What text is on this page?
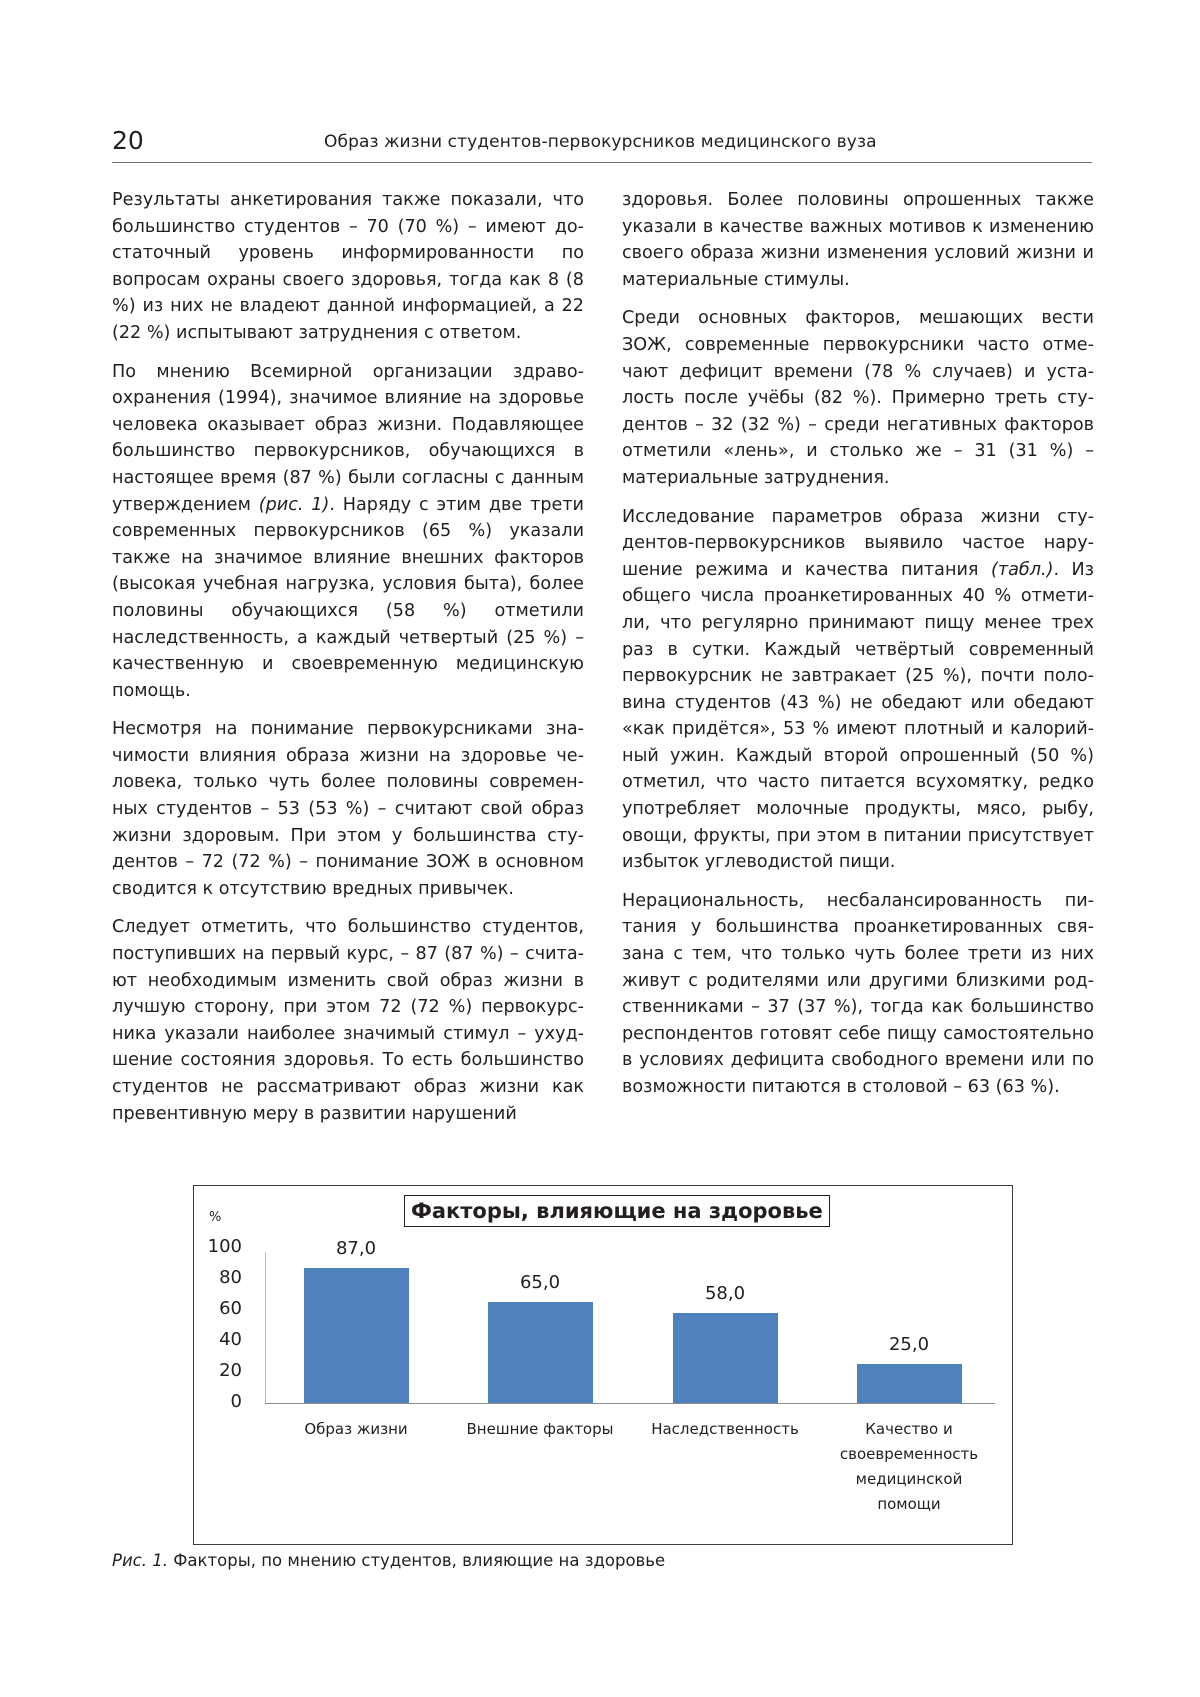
20	Образ жизни студентов-первокурсников медицинского вуза

Результаты анкетирования также показали, что большинство студентов – 70 (70 %) – имеют достаточный уровень информированности по вопросам охраны своего здоровья, тогда как 8 (8 %) из них не владеют данной информацией, а 22 (22 %) испытывают затруднения с ответом.

По мнению Всемирной организации здравоохранения (1994), значимое влияние на здоровье человека оказывает образ жизни. Подавляющее большинство первокурсников, обучающихся в настоящее время (87 %) были согласны с данным утверждением (рис. 1). Наряду с этим две трети современных первокурсников (65 %) указали также на значимое влияние внешних факторов (высокая учебная нагрузка, условия быта), более половины обучающихся (58 %) отметили наследственность, а каждый четвертый (25 %) – качественную и своевременную медицинскую помощь.

Несмотря на понимание первокурсниками значимости влияния образа жизни на здоровье человека, только чуть более половины современных студентов – 53 (53 %) – считают свой образ жизни здоровым. При этом у большинства студентов – 72 (72 %) – понимание ЗОЖ в основном сводится к отсутствию вредных привычек.

Следует отметить, что большинство студентов, поступивших на первый курс, – 87 (87 %) – считают необходимым изменить свой образ жизни в лучшую сторону, при этом 72 (72 %) первокурсника указали наиболее значимый стимул – ухудшение состояния здоровья. То есть большинство студентов не рассматривают образ жизни как превентивную меру в развитии нарушений

здоровья. Более половины опрошенных также указали в качестве важных мотивов к изменению своего образа жизни изменения условий жизни и материальные стимулы.

Среди основных факторов, мешающих вести ЗОЖ, современные первокурсники часто отмечают дефицит времени (78 % случаев) и усталость после учёбы (82 %). Примерно треть студентов – 32 (32 %) – среди негативных факторов отметили «лень», и столько же – 31 (31 %) – материальные затруднения.

Исследование параметров образа жизни студентов-первокурсников выявило частое нарушение режима и качества питания (табл.). Из общего числа проанкетированных 40 % отметили, что регулярно принимают пищу менее трех раз в сутки. Каждый четвёртый современный первокурсник не завтракает (25 %), почти половина студентов (43 %) не обедают или обедают «как придётся», 53 % имеют плотный и калорийный ужин. Каждый второй опрошенный (50 %) отметил, что часто питается всухомятку, редко употребляет молочные продукты, мясо, рыбу, овощи, фрукты, при этом в питании присутствует избыток углеводистой пищи.

Нерациональность, несбалансированность питания у большинства проанкетированных связана с тем, что только чуть более трети из них живут с родителями или другими близкими родственниками – 37 (37 %), тогда как большинство респондентов готовят себе пищу самостоятельно в условиях дефицита свободного времени или по возможности питаются в столовой – 63 (63 %).

Факторы, влияющие на здоровье
%
100
80
60
40
20
0
87,0
Образ жизни
65,0
Внешние факторы
58,0
Наследственность
25,0
Качество и
своевременность
медицинской
помощи
Рис. 1. Факторы, по мнению студентов, влияющие на здоровье
